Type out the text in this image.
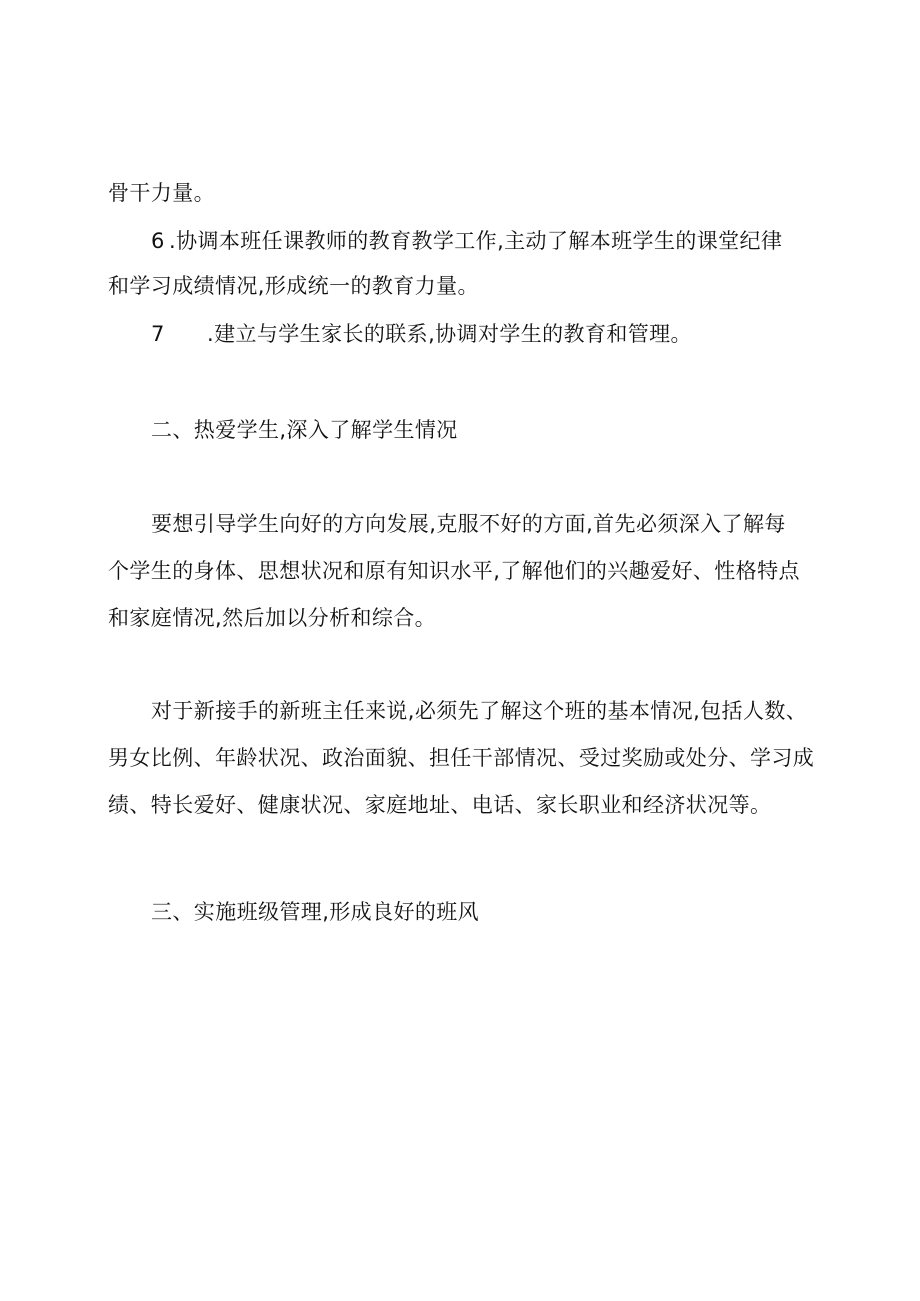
骨干力量。
6 .协调本班任课教师的教育教学工作,主动了解本班学生的课堂纪律
和学习成绩情况,形成统一的教育力量。
7 .建立与学生家长的联系,协调对学生的教育和管理。
二、热爱学生,深入了解学生情况
要想引导学生向好的方向发展,克服不好的方面,首先必须深入了解每
个学生的身体、思想状况和原有知识水平,了解他们的兴趣爱好、性格特点
和家庭情况,然后加以分析和综合。
对于新接手的新班主任来说,必须先了解这个班的基本情况,包括人数、
男女比例、年龄状况、政治面貌、担任干部情况、受过奖励或处分、学习成
绩、特长爱好、健康状况、家庭地址、电话、家长职业和经济状况等。
三、实施班级管理,形成良好的班风
